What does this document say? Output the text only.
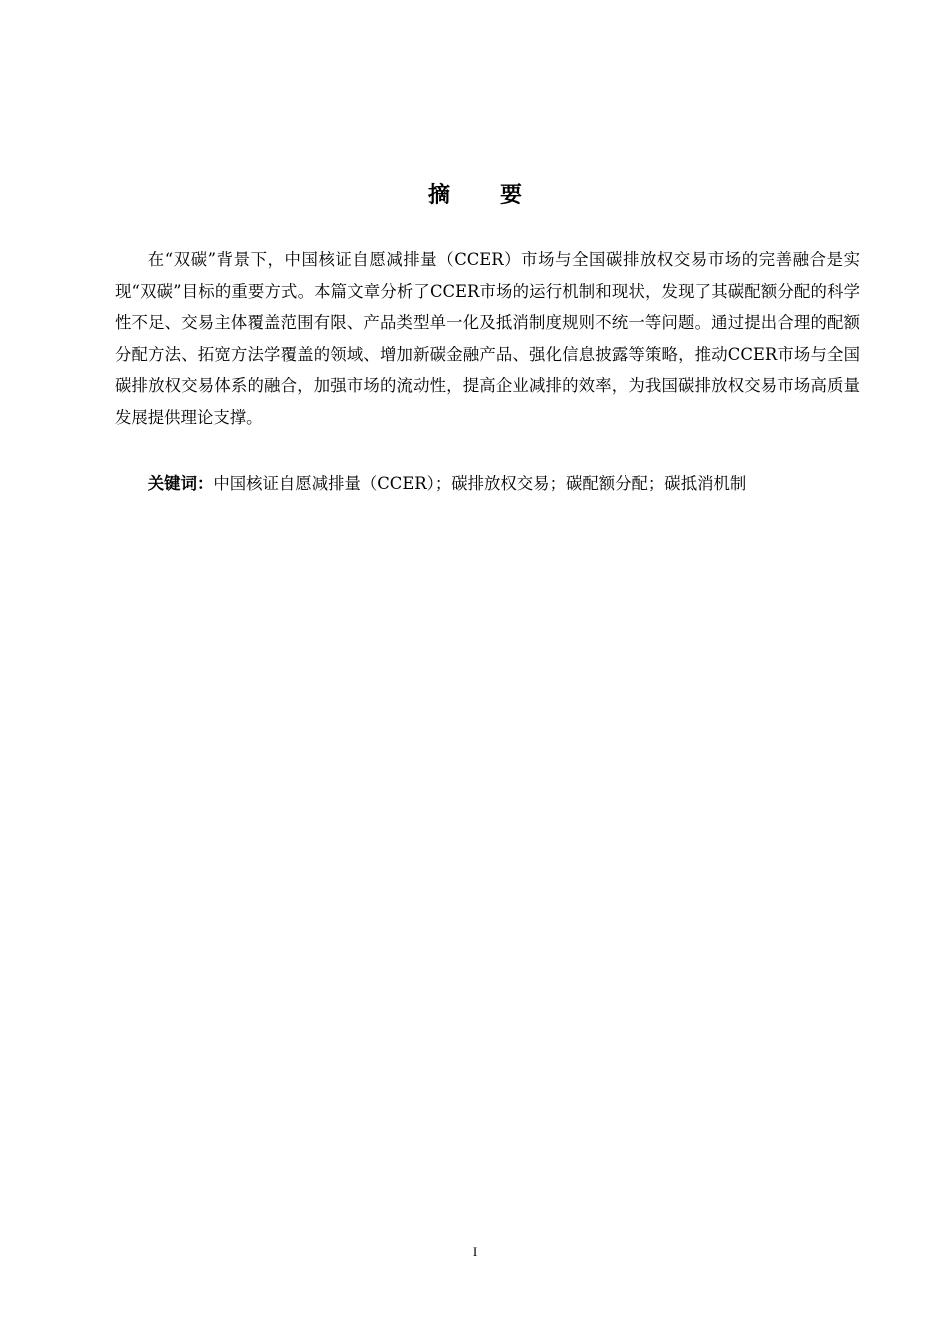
摘 要

在“双碳”背景下，中国核证自愿减排量（CCER）市场与全国碳排放权交易市场的完善融合是实现“双碳”目标的重要方式。本篇文章分析了CCER市场的运行机制和现状，发现了其碳配额分配的科学性不足、交易主体覆盖范围有限、产品类型单一化及抵消制度规则不统一等问题。通过提出合理的配额分配方法、拓宽方法学覆盖的领域、增加新碳金融产品、强化信息披露等策略，推动CCER市场与全国碳排放权交易体系的融合，加强市场的流动性，提高企业减排的效率，为我国碳排放权交易市场高质量发展提供理论支撑。

关键词：中国核证自愿减排量（CCER）；碳排放权交易；碳配额分配；碳抵消机制

I
